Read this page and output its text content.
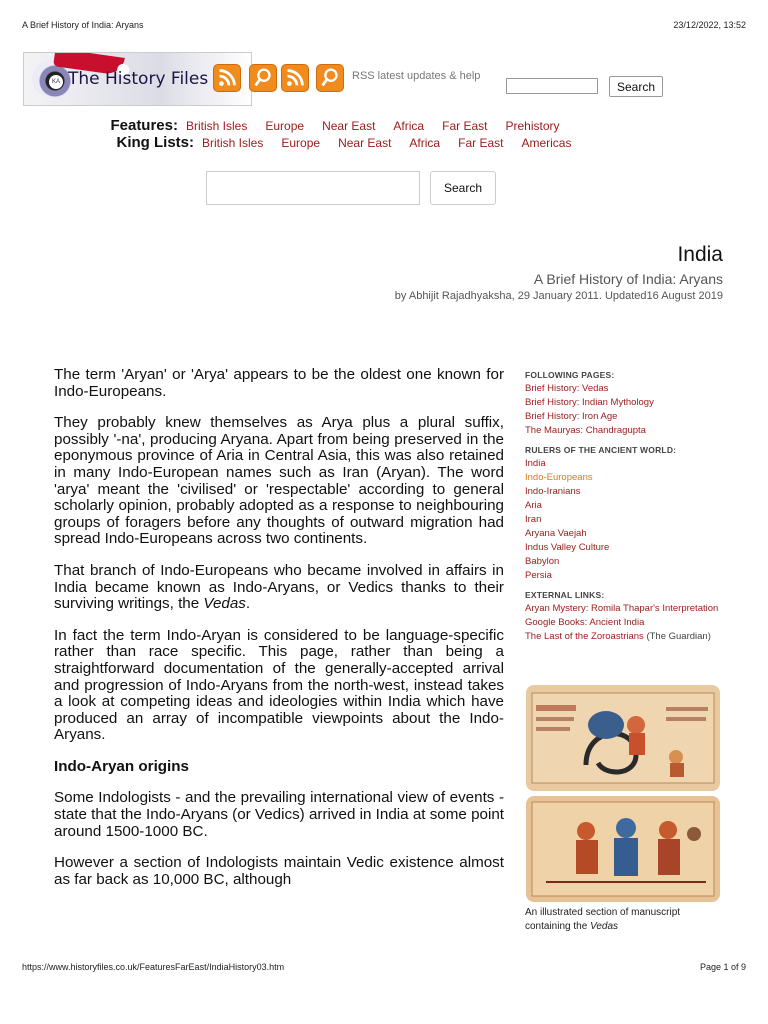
A Brief History of India: Aryans	23/12/2022, 13:52
KA The History Files	RSS latest updates & help
Search
Features: British Isles Europe Near East Africa Far East Prehistory
King Lists: British Isles Europe Near East Africa Far East Americas
Search
India
A Brief History of India: Aryans
by Abhijit Rajadhyaksha, 29 January 2011. Updated16 August 2019

The term 'Aryan' or 'Arya' appears to be the oldest one known for Indo-Europeans.

They probably knew themselves as Arya plus a plural suffix, possibly '-na', producing Aryana. Apart from being preserved in the eponymous province of Aria in Central Asia, this was also retained in many Indo-European names such as Iran (Aryan). The word 'arya' meant the 'civilised' or 'respectable' according to general scholarly opinion, probably adopted as a response to neighbouring groups of foragers before any thoughts of outward migration had spread Indo-Europeans across two continents.

That branch of Indo-Europeans who became involved in affairs in India became known as Indo-Aryans, or Vedics thanks to their surviving writings, the Vedas.

In fact the term Indo-Aryan is considered to be language-specific rather than race specific. This page, rather than being a straightforward documentation of the generally-accepted arrival and progression of Indo-Aryans from the north-west, instead takes a look at competing ideas and ideologies within India which have produced an array of incompatible viewpoints about the Indo-Aryans.

Indo-Aryan origins

Some Indologists - and the prevailing international view of events - state that the Indo-Aryans (or Vedics) arrived in India at some point around 1500-1000 BC.

However a section of Indologists maintain Vedic existence almost as far back as 10,000 BC, although

FOLLOWING PAGES:
Brief History: Vedas
Brief History: Indian Mythology
Brief History: Iron Age
The Mauryas: Chandragupta
RULERS OF THE ANCIENT WORLD:
India
Indo-Europeans
Indo-Iranians
Aria
Iran
Aryana Vaejah
Indus Valley Culture
Babylon
Persia
EXTERNAL LINKS:
Aryan Mystery: Romila Thapar's Interpretation
Google Books: Ancient India
The Last of the Zoroastrians (The Guardian)
An illustrated section of manuscript containing the Vedas
https://www.historyfiles.co.uk/FeaturesFarEast/IndiaHistory03.htm	Page 1 of 9
